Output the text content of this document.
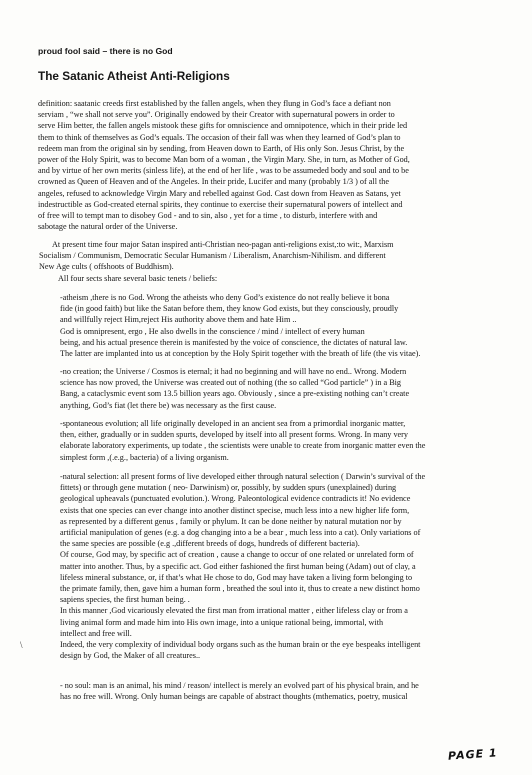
proud fool said – there is no God
The Satanic Atheist Anti-Religions
definition: saatanic creeds first established by the fallen angels, when they flung in God’s face a defiant non
serviam , “we shall not serve you”. Originally endowed by their Creator with supernatural powers in order to
serve Him better, the fallen angels mistook these gifts for omniscience and omnipotence, which in their pride led
them to think of themselves as God’s equals. The occasion of their fall was when they learned of God’s plan to
redeem man from the original sin by sending, from Heaven down to Earth, of His only Son. Jesus Christ, by the
power of the Holy Spirit, was to become Man born of a woman , the Virgin Mary. She, in turn, as Mother of God,
and by virtue of her own merits (sinless life), at the end of her life , was to be assumeded body and soul and to be
crowned as Queen of Heaven and of the Angeles. In their pride, Lucifer and many (probably 1/3 ) of all the
angeles, refused to acknowledge Virgin Mary and rebelled against God. Cast down from Heaven as Satans, yet
indestructible as God-created eternal spirits, they continue to exercise their supernatural powers of intellect and
of free will to tempt man to disobey God - and to sin, also , yet for a time , to disturb, interfere with and
sabotage the natural order of the Universe.
At present time four major Satan inspired anti-Christian neo-pagan anti-religions exist,:to wit:, Marxism
Socialism / Communism, Democratic Secular Humanism / Liberalism, Anarchism-Nihilism. and different
New Age cults ( offshoots of Buddhism).
All four sects share several basic tenets / beliefs:
-atheism ,there is no God. Wrong the atheists who deny God’s existence do not really believe it bona
fide (in good faith) but like the Satan before them, they know God exists, but they consciously, proudly
and willfully reject Him,reject His authority above them and hate Him ..
God is omnipresent, ergo , He also dwells in the conscience / mind / intellect of every human
being, and his actual presence therein is manifested by the voice of conscience, the dictates of natural law.
The latter are implanted into us at conception by the Holy Spirit together with the breath of life (the vis vitae).
-no creation; the Universe / Cosmos is eternal; it had no beginning and will have no end.. Wrong. Modern
science has now proved, the Universe was created out of nothing (the so called “God particle” ) in a Big
Bang, a cataclysmic event som 13.5 billion years ago. Obviously , since a pre-existing nothing can’t create
anything, God’s fiat (let there be) was necessary as the first cause.
-spontaneous evolution; all life originally developed in an ancient sea from a primordial inorganic matter,
then, either, gradually or in sudden spurts, developed by itself into all present forms. Wrong. In many very
elaborate laboratory experiments, up todate , the scientists were unable to create from inorganic matter even the
simplest form ,(.e.g., bacteria) of a living organism.
-natural selection: all present forms of live developed either through natural selection ( Darwin’s survival of the
fittets) or through gene mutation ( neo- Darwinism) or, possibly, by sudden spurs (unexplained) during
geological upheavals (punctuated evolution.). Wrong. Paleontological evidence contradicts it! No evidence
exists that one species can ever change into another distinct specise, much less into a new higher life form,
as represented by a different genus , family or phylum. It can be done neither by natural mutation nor by
artificial manipulation of genes (e.g. a dog changing into a be a bear , much less into a cat). Only variations of
the same species are possible (e.g .,different breeds of dogs, hundreds of different bacteria).
Of course, God may, by specific act of creation , cause a change to occur of one related or unrelated form of
matter into another. Thus, by a specific act. God either fashioned the first human being (Adam) out of clay, a
lifeless mineral substance, or, if that’s what He chose to do, God may have taken a living form belonging to
the primate family, then, gave him a human form , breathed the soul into it, thus to create a new distinct homo
sapiens species, the first human being. .
In this manner ,God vicariously elevated the first man from irrational matter , either lifeless clay or from a
living animal form and made him into His own image, into a unique rational being, immortal, with
intellect and free will.
Indeed, the very complexity of individual body organs such as the human brain or the eye bespeaks intelligent
design by God, the Maker of all creatures..
- no soul: man is an animal, his mind / reason/ intellect is merely an evolved part of his physical brain, and he
has no free will. Wrong. Only human beings are capable of abstract thoughts (mthematics, poetry, musical
\
PAGE 1
